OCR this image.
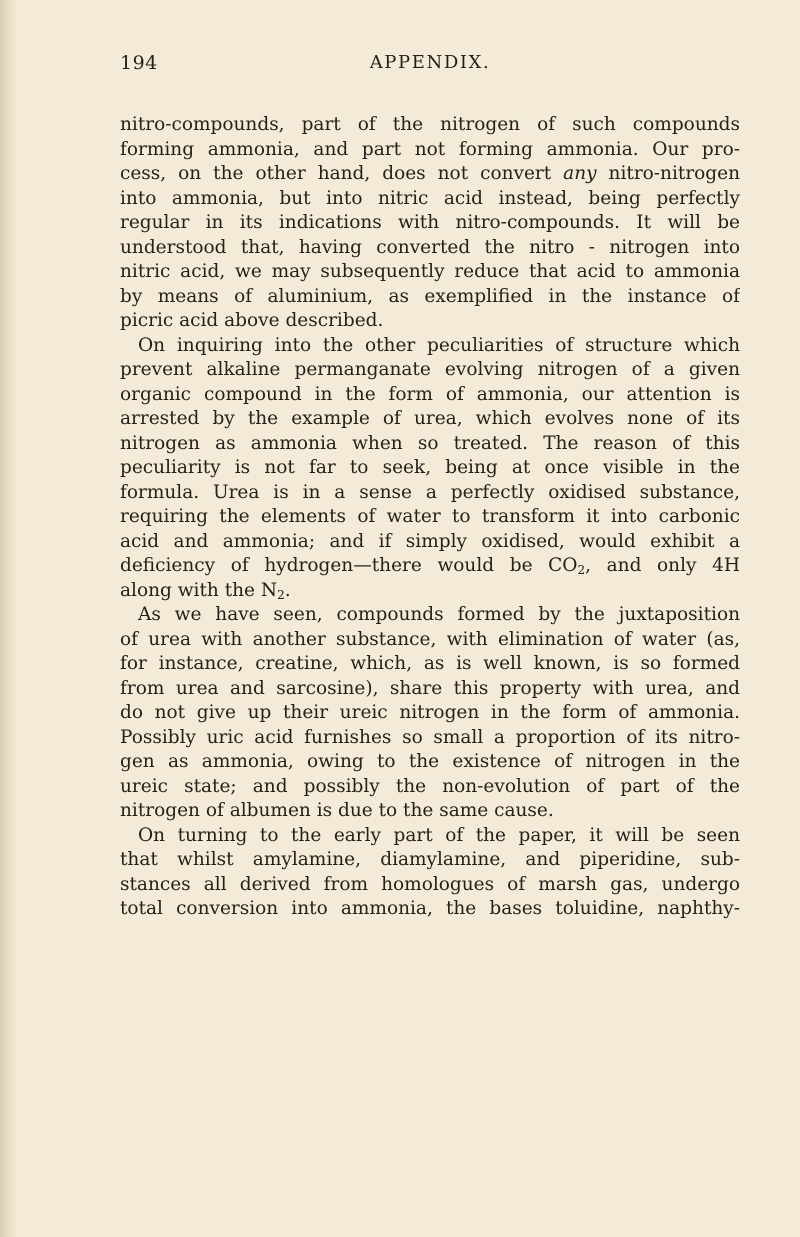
194	APPENDIX.
nitro-compounds, part of the nitrogen of such compounds
forming ammonia, and part not forming ammonia. Our pro-
cess, on the other hand, does not convert any nitro-nitrogen
into ammonia, but into nitric acid instead, being perfectly
regular in its indications with nitro-compounds. It will be
understood that, having converted the nitro - nitrogen into
nitric acid, we may subsequently reduce that acid to ammonia
by means of aluminium, as exemplified in the instance of
picric acid above described.
On inquiring into the other peculiarities of structure which
prevent alkaline permanganate evolving nitrogen of a given
organic compound in the form of ammonia, our attention is
arrested by the example of urea, which evolves none of its
nitrogen as ammonia when so treated. The reason of this
peculiarity is not far to seek, being at once visible in the
formula. Urea is in a sense a perfectly oxidised substance,
requiring the elements of water to transform it into carbonic
acid and ammonia; and if simply oxidised, would exhibit a
deficiency of hydrogen—there would be $CO_2$, and only 4H
along with the $N_2$.
As we have seen, compounds formed by the juxtaposition
of urea with another substance, with elimination of water (as,
for instance, creatine, which, as is well known, is so formed
from urea and sarcosine), share this property with urea, and
do not give up their ureic nitrogen in the form of ammonia.
Possibly uric acid furnishes so small a proportion of its nitro-
gen as ammonia, owing to the existence of nitrogen in the
ureic state; and possibly the non-evolution of part of the
nitrogen of albumen is due to the same cause.
On turning to the early part of the paper, it will be seen
that whilst amylamine, diamylamine, and piperidine, sub-
stances all derived from homologues of marsh gas, undergo
total conversion into ammonia, the bases toluidine, naphthy-
